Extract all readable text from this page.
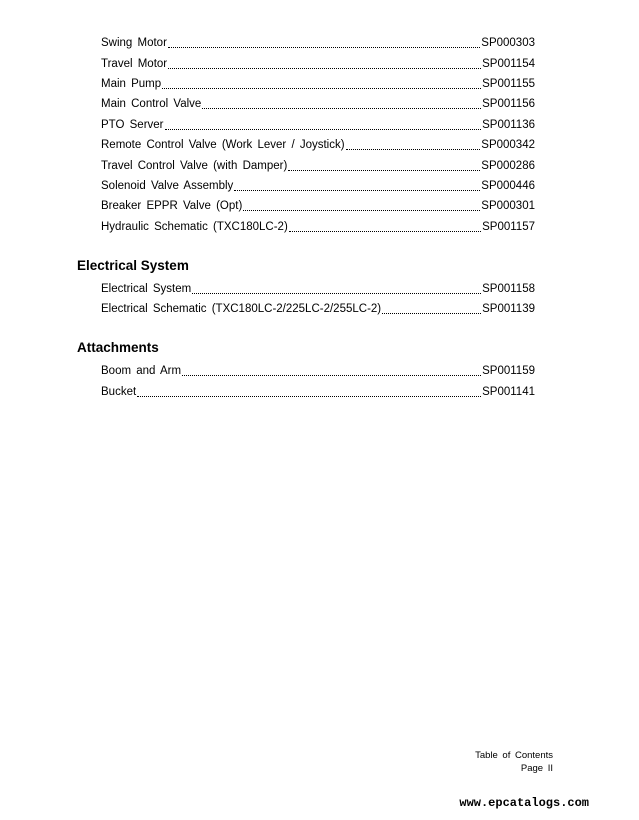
Swing Motor	SP000303
Travel Motor	SP001154
Main Pump	SP001155
Main Control Valve	SP001156
PTO Server	SP001136
Remote Control Valve (Work Lever / Joystick)	SP000342
Travel Control Valve (with Damper)	SP000286
Solenoid Valve Assembly	SP000446
Breaker EPPR Valve (Opt)	SP000301
Hydraulic Schematic (TXC180LC-2)	SP001157
Electrical System
Electrical System	SP001158
Electrical Schematic (TXC180LC-2/225LC-2/255LC-2)	SP001139
Attachments
Boom and Arm	SP001159
Bucket	SP001141
Table of Contents
Page II
www.epcatalogs.com
